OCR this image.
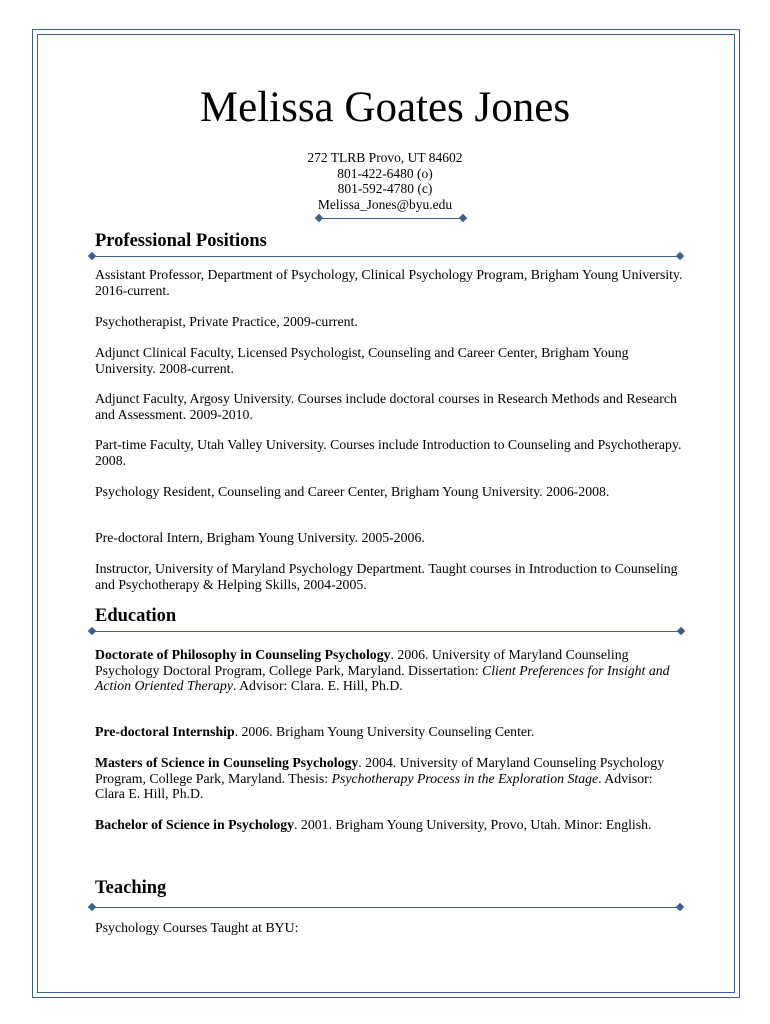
Melissa Goates Jones
272 TLRB Provo, UT 84602
801-422-6480 (o)
801-592-4780 (c)
Melissa_Jones@byu.edu
Professional Positions
Assistant Professor, Department of Psychology, Clinical Psychology Program, Brigham Young University. 2016-current.
Psychotherapist, Private Practice, 2009-current.
Adjunct Clinical Faculty, Licensed Psychologist, Counseling and Career Center, Brigham Young University. 2008-current.
Adjunct Faculty, Argosy University. Courses include doctoral courses in Research Methods and Research and Assessment. 2009-2010.
Part-time Faculty, Utah Valley University. Courses include Introduction to Counseling and Psychotherapy. 2008.
Psychology Resident, Counseling and Career Center, Brigham Young University. 2006-2008.
Pre-doctoral Intern, Brigham Young University. 2005-2006.
Instructor, University of Maryland Psychology Department. Taught courses in Introduction to Counseling and Psychotherapy & Helping Skills, 2004-2005.
Education
Doctorate of Philosophy in Counseling Psychology. 2006. University of Maryland Counseling Psychology Doctoral Program, College Park, Maryland. Dissertation: Client Preferences for Insight and Action Oriented Therapy. Advisor: Clara. E. Hill, Ph.D.
Pre-doctoral Internship. 2006. Brigham Young University Counseling Center.
Masters of Science in Counseling Psychology. 2004. University of Maryland Counseling Psychology Program, College Park, Maryland. Thesis: Psychotherapy Process in the Exploration Stage. Advisor: Clara E. Hill, Ph.D.
Bachelor of Science in Psychology. 2001. Brigham Young University, Provo, Utah. Minor: English.
Teaching
Psychology Courses Taught at BYU:
